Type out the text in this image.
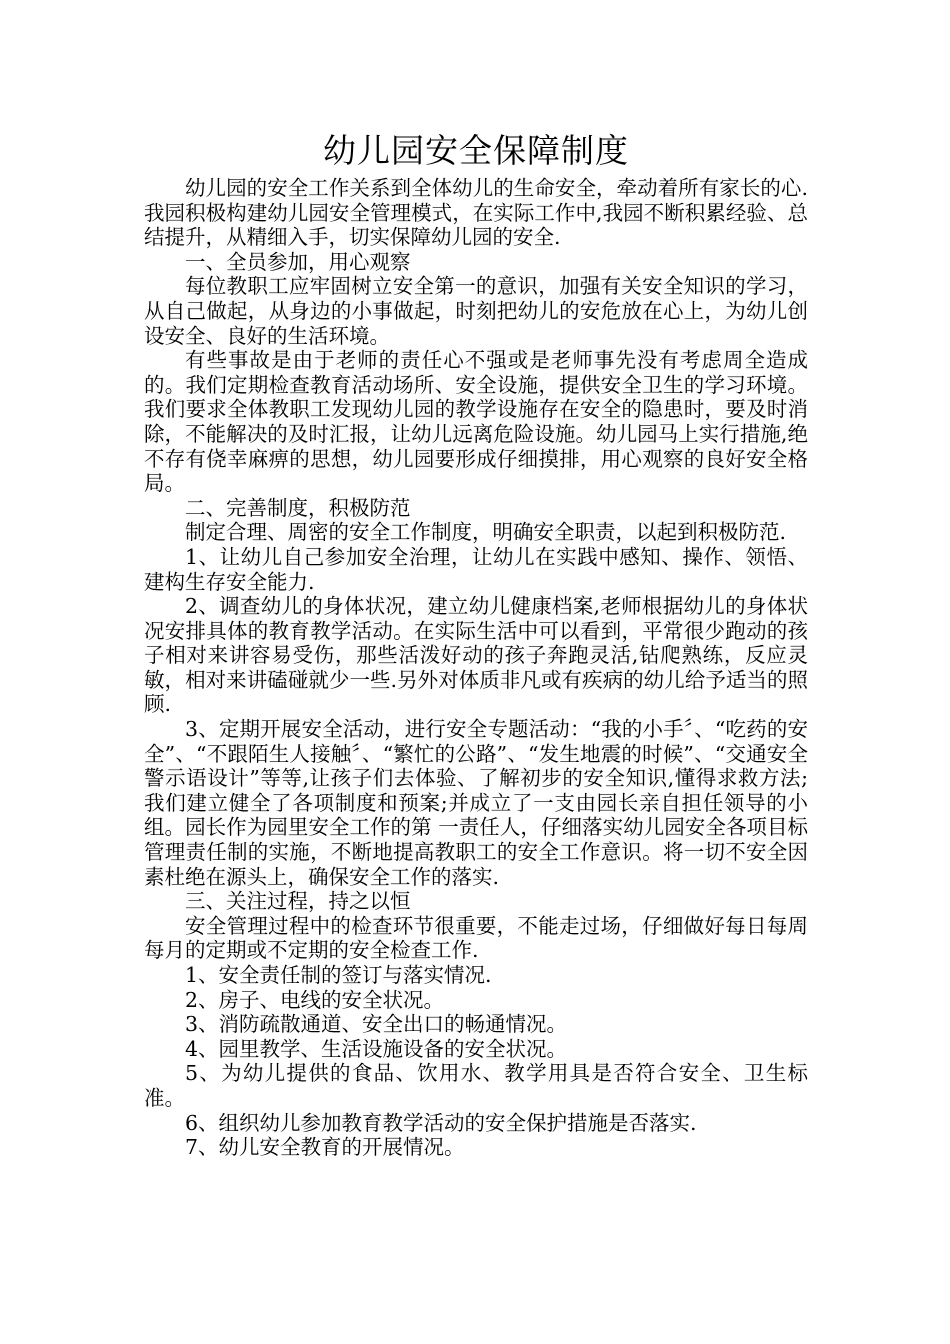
幼儿园安全保障制度

幼儿园的安全工作关系到全体幼儿的生命安全，牵动着所有家长的心.我园积极构建幼儿园安全管理模式，在实际工作中,我园不断积累经验、总结提升，从精细入手，切实保障幼儿园的安全.

一、全员参加，用心观察

每位教职工应牢固树立安全第一的意识，加强有关安全知识的学习，从自己做起，从身边的小事做起，时刻把幼儿的安危放在心上，为幼儿创设安全、良好的生活环境。

有些事故是由于老师的责任心不强或是老师事先没有考虑周全造成的。我们定期检查教育活动场所、安全设施，提供安全卫生的学习环境。我们要求全体教职工发现幼儿园的教学设施存在安全的隐患时，要及时消除，不能解决的及时汇报，让幼儿远离危险设施。幼儿园马上实行措施,绝不存有侥幸麻痹的思想，幼儿园要形成仔细摸排，用心观察的良好安全格局。

二、完善制度，积极防范

制定合理、周密的安全工作制度，明确安全职责，以起到积极防范.

1、让幼儿自己参加安全治理，让幼儿在实践中感知、操作、领悟、建构生存安全能力.

2、调查幼儿的身体状况，建立幼儿健康档案,老师根据幼儿的身体状况安排具体的教育教学活动。在实际生活中可以看到，平常很少跑动的孩子相对来讲容易受伤，那些活泼好动的孩子奔跑灵活,钻爬熟练，反应灵敏，相对来讲磕碰就少一些.另外对体质非凡或有疾病的幼儿给予适当的照顾.

3、定期开展安全活动，进行安全专题活动：“我的小手〞、“吃药的安全”、“不跟陌生人接触〞、“繁忙的公路”、“发生地震的时候”、“交通安全警示语设计”等等,让孩子们去体验、了解初步的安全知识,懂得求救方法;我们建立健全了各项制度和预案;并成立了一支由园长亲自担任领导的小组。园长作为园里安全工作的第 一责任人，仔细落实幼儿园安全各项目标管理责任制的实施，不断地提高教职工的安全工作意识。将一切不安全因素杜绝在源头上，确保安全工作的落实.

三、关注过程，持之以恒

安全管理过程中的检查环节很重要，不能走过场，仔细做好每日每周每月的定期或不定期的安全检查工作.

1、安全责任制的签订与落实情况.

2、房子、电线的安全状况。

3、消防疏散通道、安全出口的畅通情况。

4、园里教学、生活设施设备的安全状况。

5、为幼儿提供的食品、饮用水、教学用具是否符合安全、卫生标准。

6、组织幼儿参加教育教学活动的安全保护措施是否落实.

7、幼儿安全教育的开展情况。
